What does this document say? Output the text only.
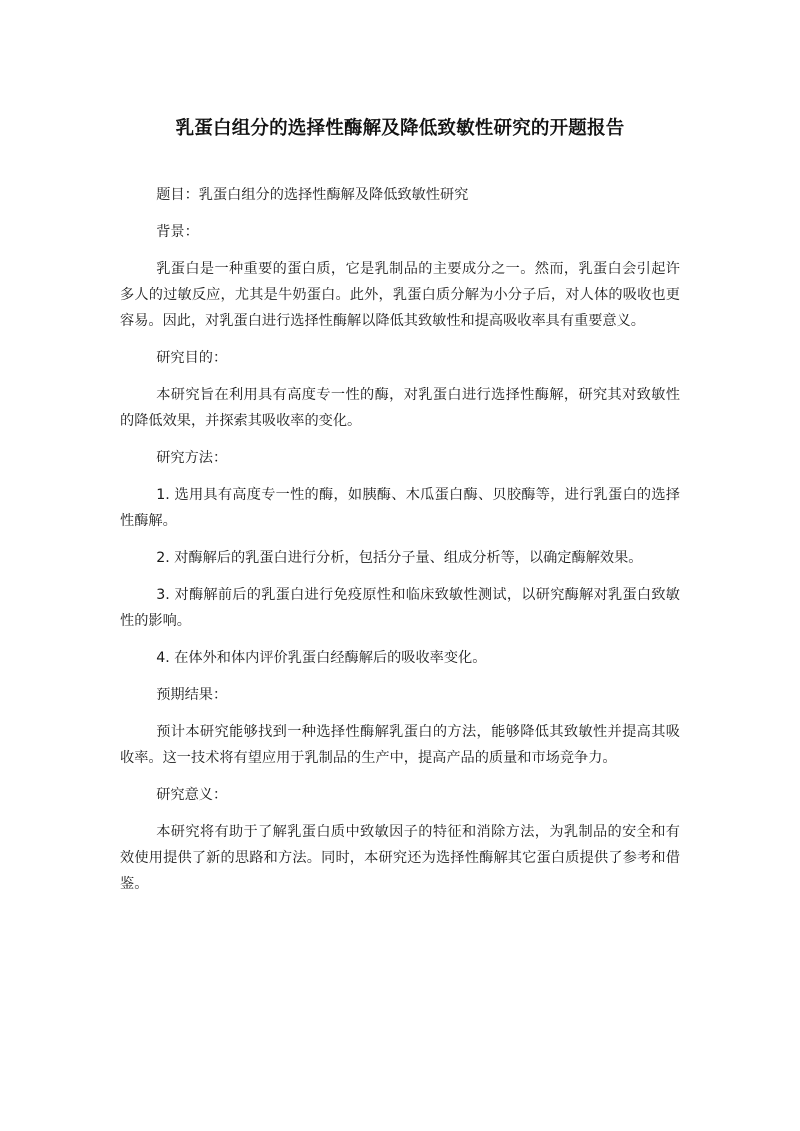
乳蛋白组分的选择性酶解及降低致敏性研究的开题报告

题目：乳蛋白组分的选择性酶解及降低致敏性研究

背景：

乳蛋白是一种重要的蛋白质，它是乳制品的主要成分之一。然而，乳蛋白会引起许多人的过敏反应，尤其是牛奶蛋白。此外，乳蛋白质分解为小分子后，对人体的吸收也更容易。因此，对乳蛋白进行选择性酶解以降低其致敏性和提高吸收率具有重要意义。

研究目的：

本研究旨在利用具有高度专一性的酶，对乳蛋白进行选择性酶解，研究其对致敏性的降低效果，并探索其吸收率的变化。

研究方法：

1. 选用具有高度专一性的酶，如胰酶、木瓜蛋白酶、贝胶酶等，进行乳蛋白的选择性酶解。

2. 对酶解后的乳蛋白进行分析，包括分子量、组成分析等，以确定酶解效果。

3. 对酶解前后的乳蛋白进行免疫原性和临床致敏性测试，以研究酶解对乳蛋白致敏性的影响。

4. 在体外和体内评价乳蛋白经酶解后的吸收率变化。

预期结果：

预计本研究能够找到一种选择性酶解乳蛋白的方法，能够降低其致敏性并提高其吸收率。这一技术将有望应用于乳制品的生产中，提高产品的质量和市场竞争力。

研究意义：

本研究将有助于了解乳蛋白质中致敏因子的特征和消除方法，为乳制品的安全和有效使用提供了新的思路和方法。同时，本研究还为选择性酶解其它蛋白质提供了参考和借鉴。
